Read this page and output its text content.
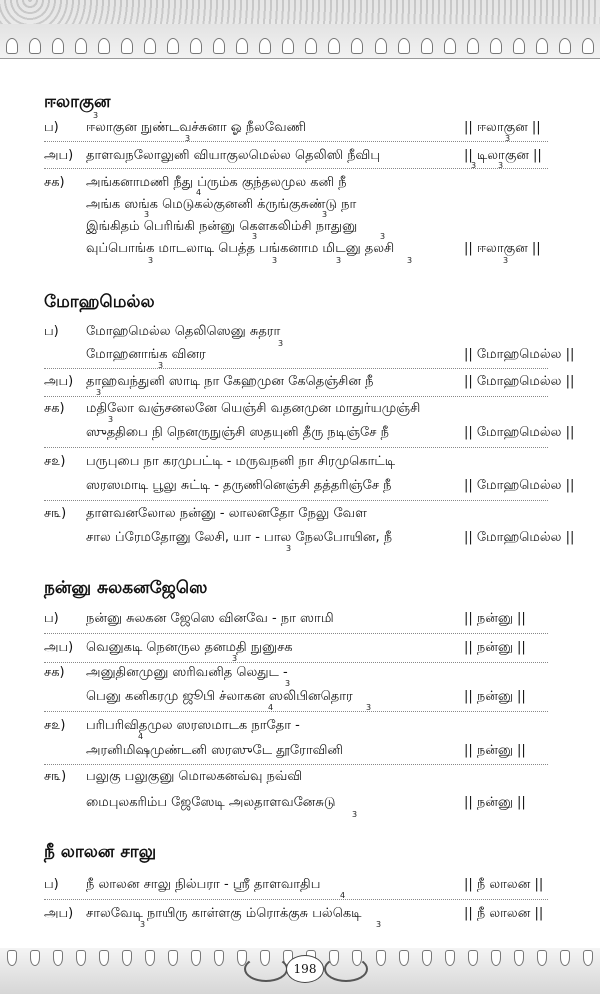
ஈலாகுன
3
ப) ஈலாகுன நுண்டவச்சுனா ஓ நீலவேணி	|| ஈலாகுன ||
3	3
அப) தாளவநலோலுனி வியாகுலமெல்ல தெலிஸி நீவிபு	|| டிலாகுன ||
3	3
சக) அங்கனாமணி நீது ப்ரும்க குந்தலமுல கனி நீ
4
அங்க ஸங்க மெடுகல்குனனி க்ருங்குசுண்டு நா
3	3
இங்கிதம் பெரிங்கி நன்னு கௌகலிம்சி நாதுனு
3	3
வுப்பொங்க மாடலாடி பெத்த பங்கனாம மிடனு தலசி	|| ஈலாகுன ||
3	3	3	3	3
மோஹமெல்ல
ப) மோஹமெல்ல தெலிஸெனு சுதரா
3
மோஹனாங்க வினர	|| மோஹமெல்ல ||
3
அப) தாஹவந்துனி ஸாடி நா கேஹமுன கேதெஞ்சின நீ	|| மோஹமெல்ல ||
3
சக) மதிலோ வஞ்சனலனே யெஞ்சி வதனமுன மாதுர்யமுஞ்சி
3
ஸுததிபை நி நெனருநுஞ்சி ஸதயுனி தீரு நடிஞ்சே நீ	|| மோஹமெல்ல ||
ச௨) பருபுபை நா கரமுபட்டி - மருவநனி நா சிரமுகொட்டி
ஸரஸமாடி பூலு சுட்டி - தருணினெஞ்சி தத்தரிஞ்சே நீ	|| மோஹமெல்ல ||
ச௩) தாளவனலோல நன்னு - லாலனதோ நேலு வேள
சால ப்ரேமதோனு லேசி, யா - பால நேலபோயின, நீ	|| மோஹமெல்ல ||
3
நன்னு சுலகனஜேஸெ
ப) நன்னு சுலகன ஜேஸெ வினவே - நா ஸாமி	|| நன்னு ||
அப) வெனுகடி நெனருல தனமதி நுனுசக	|| நன்னு ||
3
சக) அனுதினமுனு ஸரிவனித லெதுட -
3
பெனு கனிகரமு ஜூபி ச்லாகன ஸலிபினதொர	|| நன்னு ||
4	3
ச௨) பரிபரிவிதமுல ஸரஸமாடக நாதோ -
4
அரனிமிஷமுண்டனி ஸரஸுடே தூரோவினி	|| நன்னு ||
ச௩) பலுகு பலுகுனு மொலகனவ்வு நவ்வி
மைபுலகரிம்ப ஜேஸேடி அலதாளவனேசுடு	|| நன்னு ||
3
நீ லாலன சாலு
ப) நீ லாலன சாலு நில்பரா - ஸ்ரீ தாளவாதிப	|| நீ லாலன ||
4
அப) சாலவேடி நாயிரு காள்ளகு ம்ரொக்குசு பல்கெடி	|| நீ லாலன ||
3	3
198
